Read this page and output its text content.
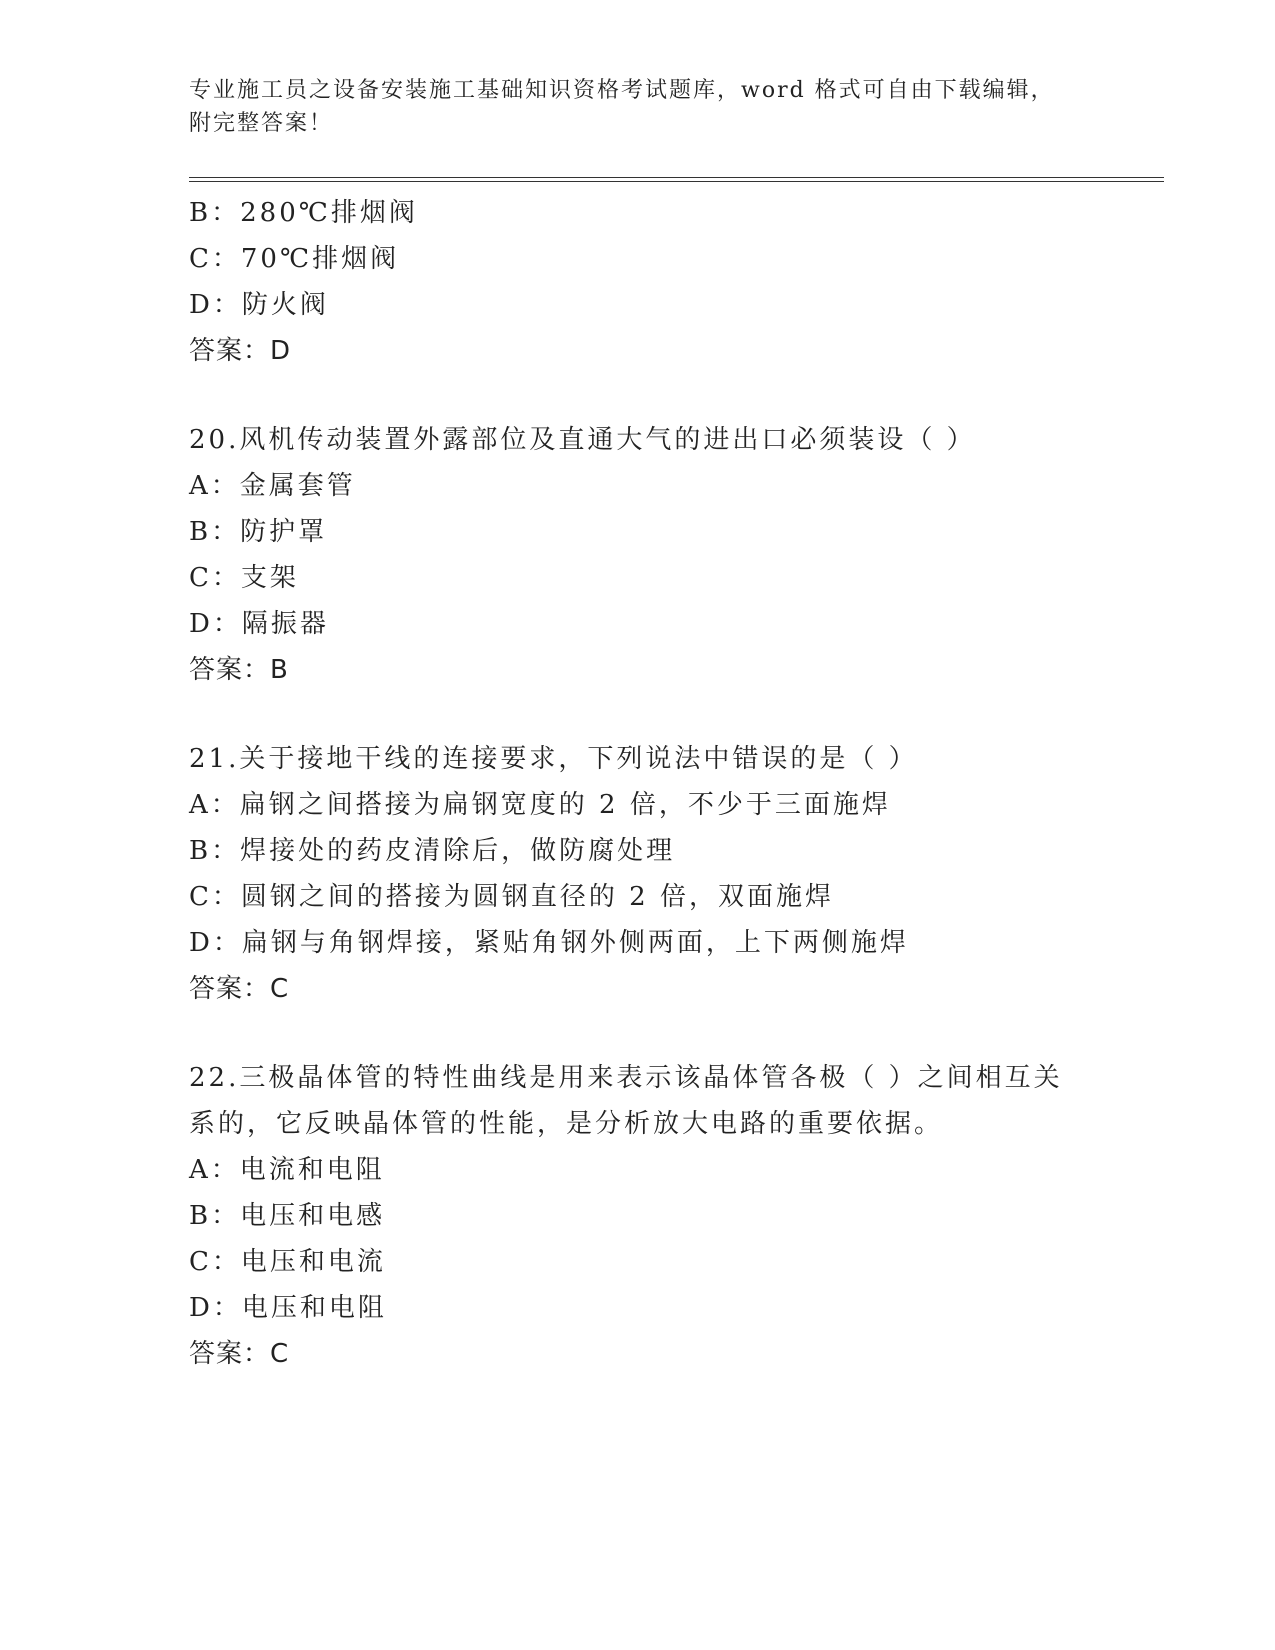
专业施工员之设备安装施工基础知识资格考试题库，word 格式可自由下载编辑，
附完整答案！
B：280℃排烟阀
C：70℃排烟阀
D：防火阀
答案：D
20.风机传动装置外露部位及直通大气的进出口必须装设（ ）
A：金属套管
B：防护罩
C：支架
D：隔振器
答案：B
21.关于接地干线的连接要求，下列说法中错误的是（ ）
A：扁钢之间搭接为扁钢宽度的 2 倍，不少于三面施焊
B：焊接处的药皮清除后，做防腐处理
C：圆钢之间的搭接为圆钢直径的 2 倍，双面施焊
D：扁钢与角钢焊接，紧贴角钢外侧两面，上下两侧施焊
答案：C
22.三极晶体管的特性曲线是用来表示该晶体管各极（ ）之间相互关
系的，它反映晶体管的性能，是分析放大电路的重要依据。
A：电流和电阻
B：电压和电感
C：电压和电流
D：电压和电阻
答案：C
